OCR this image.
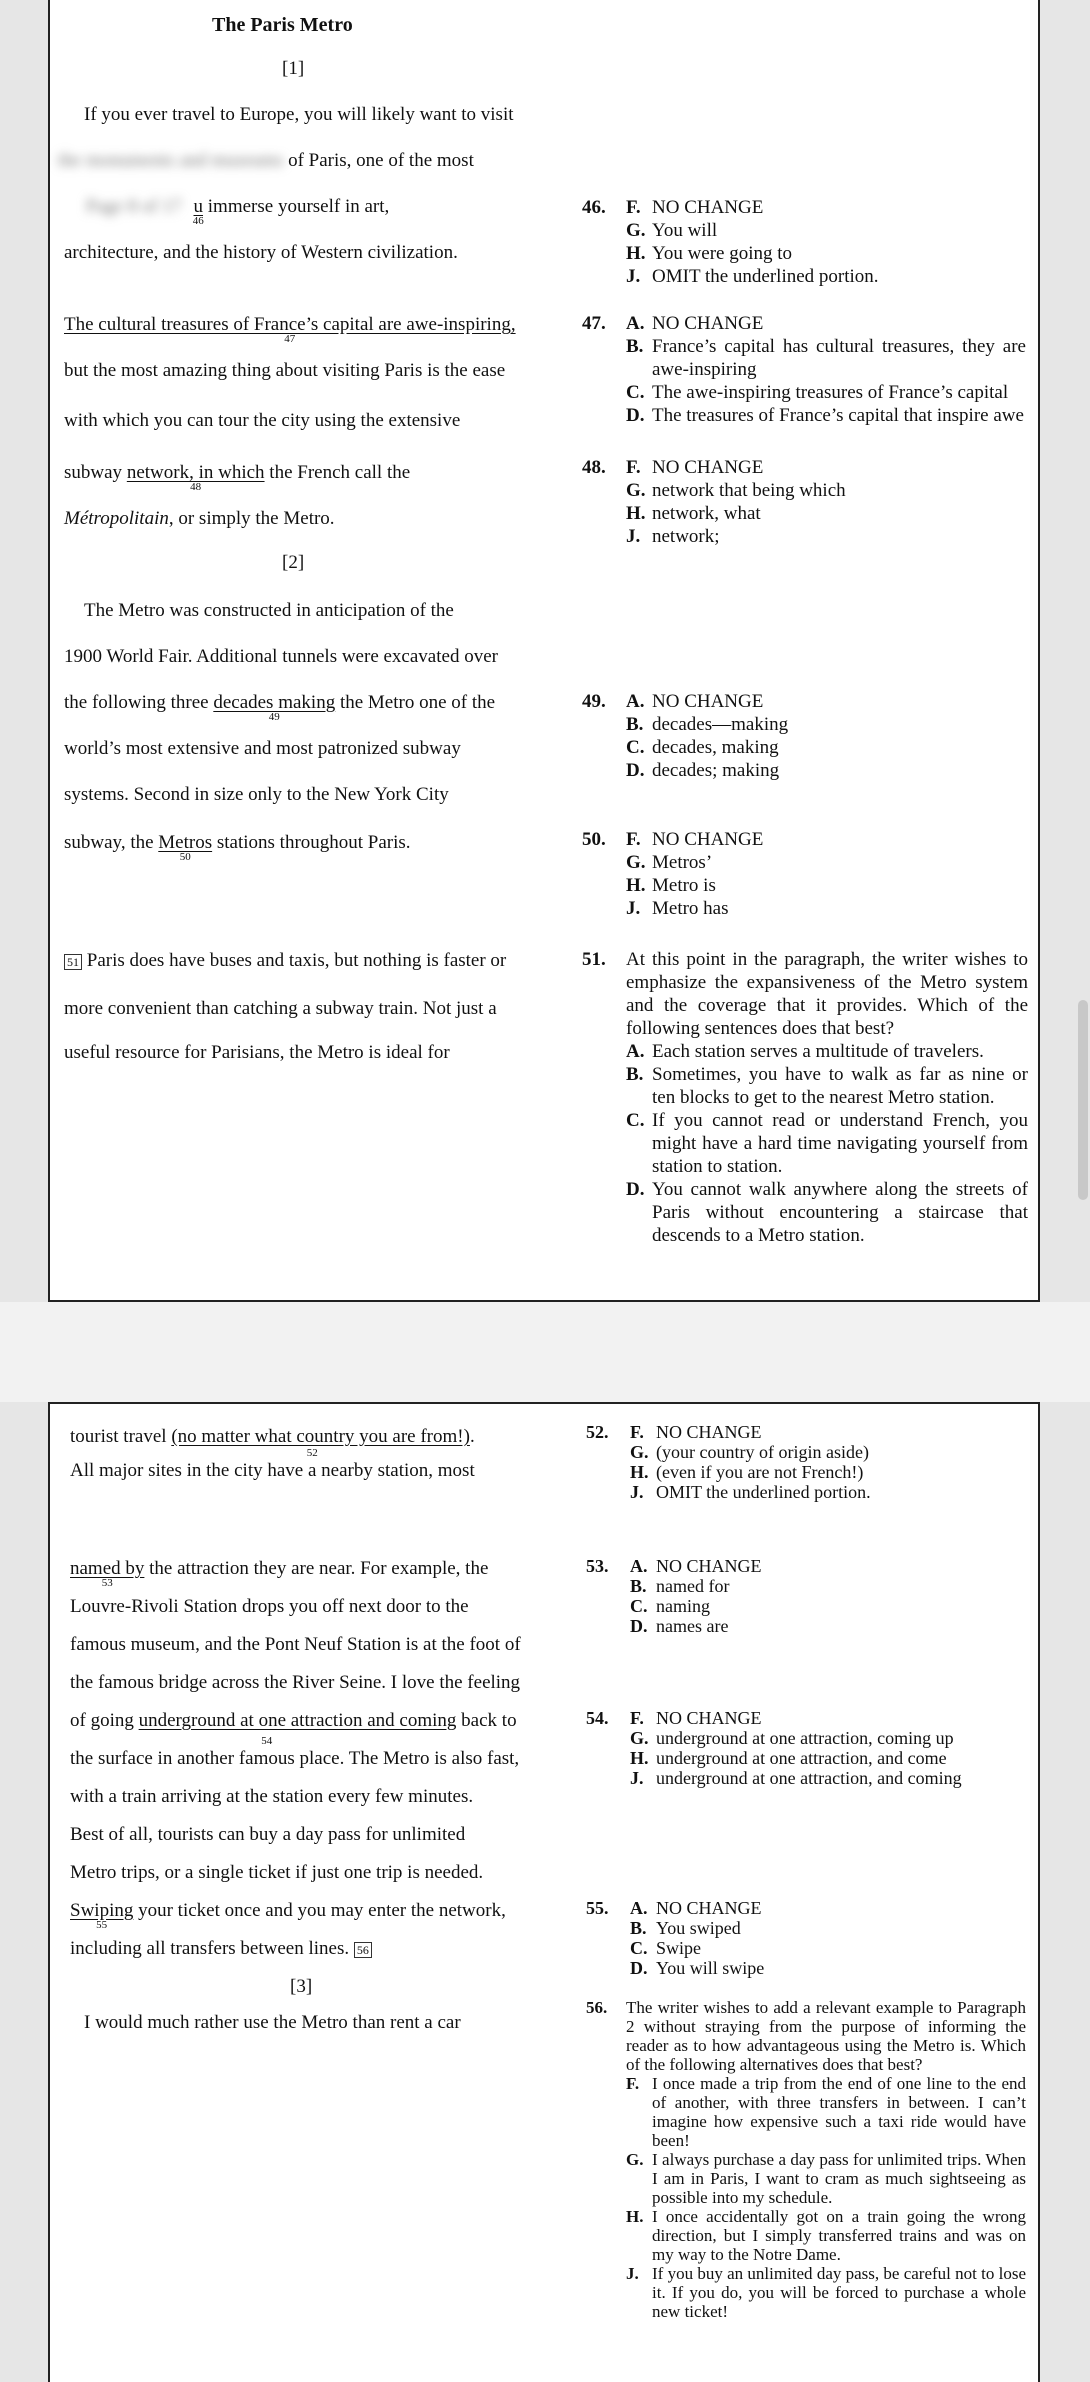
The Paris Metro
[1]
If you ever travel to Europe, you will likely want to visit
the monuments and museums of Paris, one of the most
Page 8 of 17 u
46
immerse yourself in art,
architecture, and the history of Western civilization.
The cultural treasures of France’s capital are awe-inspiring,
47
but the most amazing thing about visiting Paris is the ease
with which you can tour the city using the extensive
subway network, in which
48
the French call the
Métropolitain, or simply the Metro.
[2]
The Metro was constructed in anticipation of the
1900 World Fair. Additional tunnels were excavated over
the following three decades making
49
the Metro one of the
world’s most extensive and most patronized subway
systems. Second in size only to the New York City
subway, the Metros
50
stations throughout Paris.
51 Paris does have buses and taxis, but nothing is faster or
more convenient than catching a subway train. Not just a
useful resource for Parisians, the Metro is ideal for
46. F. NO CHANGE
G. You will
H. You were going to
J. OMIT the underlined portion.
47. A. NO CHANGE
B. France’s capital has cultural treasures, they are awe-inspiring
C. The awe-inspiring treasures of France’s capital
D. The treasures of France’s capital that inspire awe
48. F. NO CHANGE
G. network that being which
H. network, what
J. network;
49. A. NO CHANGE
B. decades—making
C. decades, making
D. decades; making
50. F. NO CHANGE
G. Metros’
H. Metro is
J. Metro has
51. At this point in the paragraph, the writer wishes to emphasize the expansiveness of the Metro system and the coverage that it provides. Which of the following sentences does that best?
A. Each station serves a multitude of travelers.
B. Sometimes, you have to walk as far as nine or ten blocks to get to the nearest Metro station.
C. If you cannot read or understand French, you might have a hard time navigating yourself from station to station.
D. You cannot walk anywhere along the streets of Paris without encountering a staircase that descends to a Metro station.
tourist travel (no matter what country you are from!).
All major sites in the city have a
52
nearby station, most
named by
53
the attraction they are near. For example, the
Louvre-Rivoli Station drops you off next door to the
famous museum, and the Pont Neuf Station is at the foot of
the famous bridge across the River Seine. I love the feeling
of going underground at one attraction and coming back to
the surface in another famous
54
place. The Metro is also fast,
with a train arriving at the station every few minutes.
Best of all, tourists can buy a day pass for unlimited
Metro trips, or a single ticket if just one trip is needed.
Swiping
55
your ticket once and you may enter the network,
including all transfers between lines. 56
[3]
I would much rather use the Metro than rent a car
52. F. NO CHANGE
G. (your country of origin aside)
H. (even if you are not French!)
J. OMIT the underlined portion.
53. A. NO CHANGE
B. named for
C. naming
D. names are
54. F. NO CHANGE
G. underground at one attraction, coming up
H. underground at one attraction, and come
J. underground at one attraction, and coming
55. A. NO CHANGE
B. You swiped
C. Swipe
D. You will swipe
56. The writer wishes to add a relevant example to Paragraph 2 without straying from the purpose of informing the reader as to how advantageous using the Metro is. Which of the following alternatives does that best?
F. I once made a trip from the end of one line to the end of another, with three transfers in between. I can’t imagine how expensive such a taxi ride would have been!
G. I always purchase a day pass for unlimited trips. When I am in Paris, I want to cram as much sightseeing as possible into my schedule.
H. I once accidentally got on a train going the wrong direction, but I simply transferred trains and was on my way to the Notre Dame.
J. If you buy an unlimited day pass, be careful not to lose it. If you do, you will be forced to purchase a whole new ticket!
